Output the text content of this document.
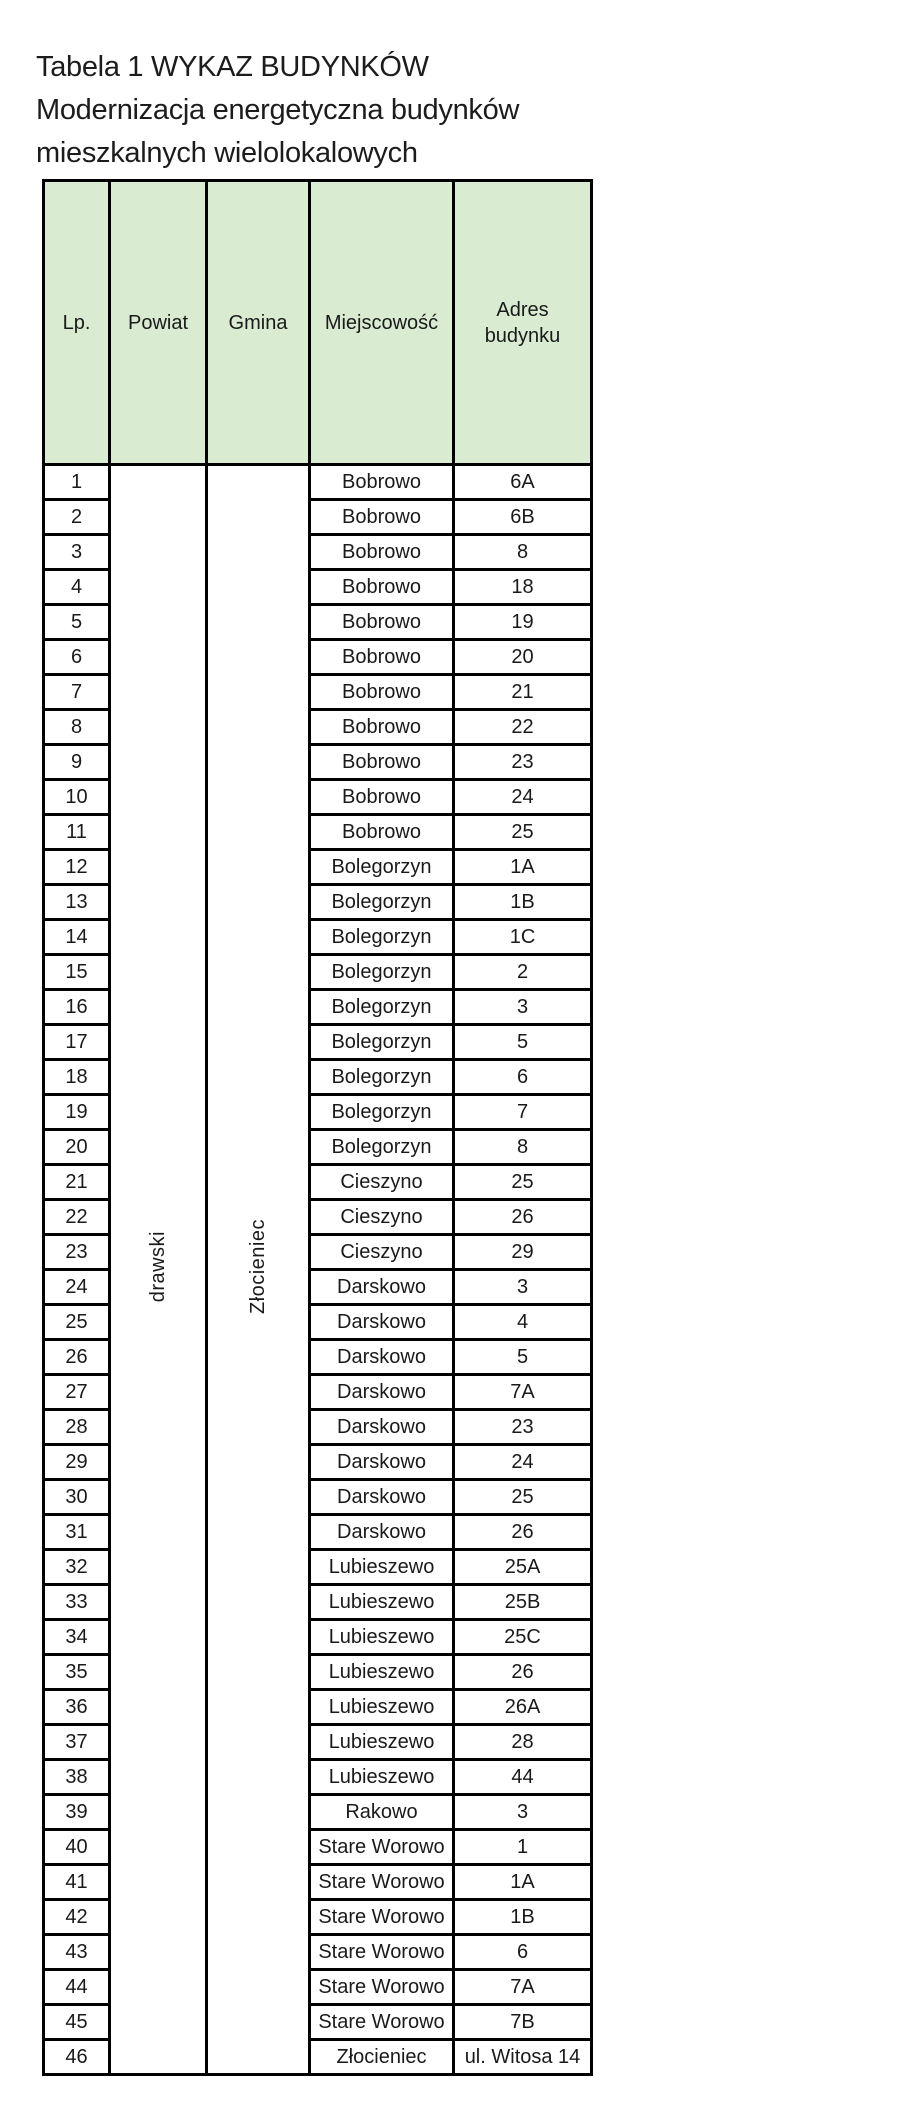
Tabela 1 WYKAZ BUDYNKÓW
Modernizacja energetyczna budynków
mieszkalnych wielolokalowych
Lp.	Powiat	Gmina	Miejscowość	Adres budynku
1	drawski	Złocieniec	Bobrowo	6A
2			Bobrowo	6B
3			Bobrowo	8
4			Bobrowo	18
5			Bobrowo	19
6			Bobrowo	20
7			Bobrowo	21
8			Bobrowo	22
9			Bobrowo	23
10			Bobrowo	24
11			Bobrowo	25
12			Bolegorzyn	1A
13			Bolegorzyn	1B
14			Bolegorzyn	1C
15			Bolegorzyn	2
16			Bolegorzyn	3
17			Bolegorzyn	5
18			Bolegorzyn	6
19			Bolegorzyn	7
20			Bolegorzyn	8
21			Cieszyno	25
22			Cieszyno	26
23			Cieszyno	29
24			Darskowo	3
25			Darskowo	4
26			Darskowo	5
27			Darskowo	7A
28			Darskowo	23
29			Darskowo	24
30			Darskowo	25
31			Darskowo	26
32			Lubieszewo	25A
33			Lubieszewo	25B
34			Lubieszewo	25C
35			Lubieszewo	26
36			Lubieszewo	26A
37			Lubieszewo	28
38			Lubieszewo	44
39			Rakowo	3
40			Stare Worowo	1
41			Stare Worowo	1A
42			Stare Worowo	1B
43			Stare Worowo	6
44			Stare Worowo	7A
45			Stare Worowo	7B
46			Złocieniec	ul. Witosa 14
